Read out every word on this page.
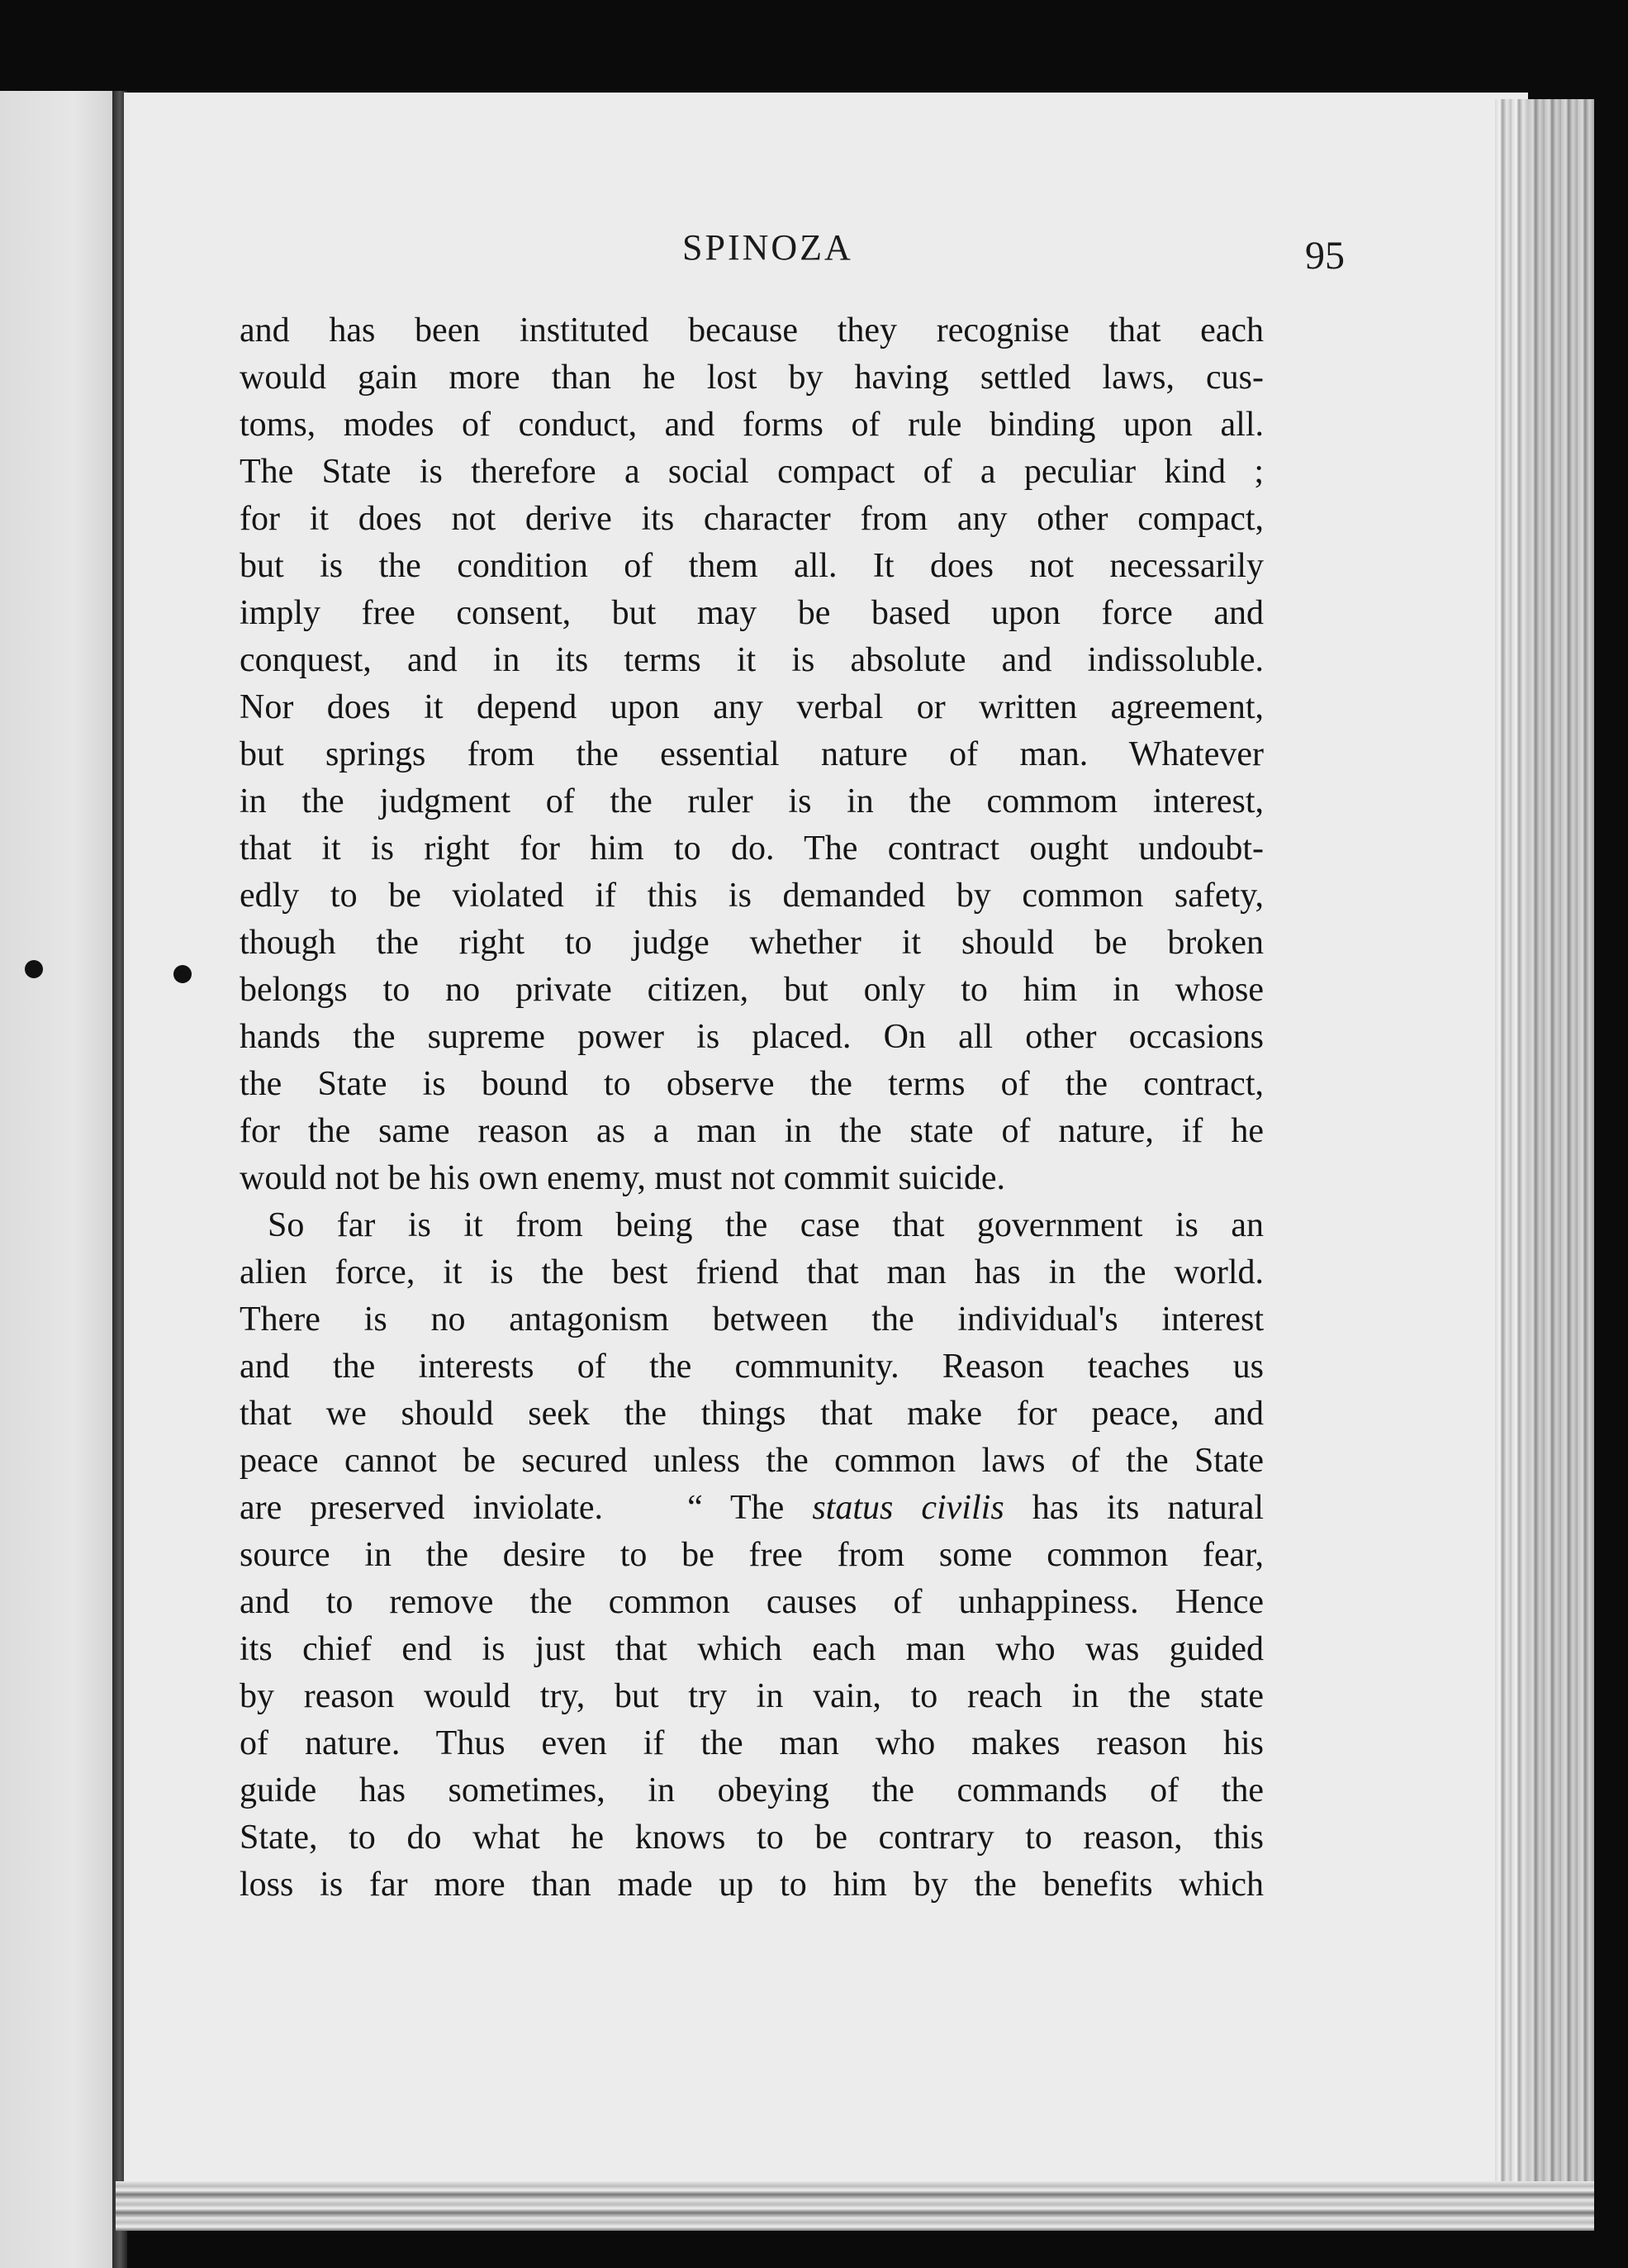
SPINOZA	95
and has been instituted because they recognise that each
would gain more than he lost by having settled laws, cus-
toms, modes of conduct, and forms of rule binding upon all.
The State is therefore a social compact of a peculiar kind ;
for it does not derive its character from any other compact,
but is the condition of them all. It does not necessarily
imply free consent, but may be based upon force and
conquest, and in its terms it is absolute and indissoluble.
Nor does it depend upon any verbal or written agreement,
but springs from the essential nature of man. Whatever
in the judgment of the ruler is in the commom interest,
that it is right for him to do. The contract ought undoubt-
edly to be violated if this is demanded by common safety,
though the right to judge whether it should be broken
belongs to no private citizen, but only to him in whose
hands the supreme power is placed. On all other occasions
the State is bound to observe the terms of the contract,
for the same reason as a man in the state of nature, if he
would not be his own enemy, must not commit suicide.
So far is it from being the case that government is an
alien force, it is the best friend that man has in the world.
There is no antagonism between the individual's interest
and the interests of the community. Reason teaches us
that we should seek the things that make for peace, and
peace cannot be secured unless the common laws of the State
are preserved inviolate. “ The status civilis has its natural
source in the desire to be free from some common fear,
and to remove the common causes of unhappiness. Hence
its chief end is just that which each man who was guided
by reason would try, but try in vain, to reach in the state
of nature. Thus even if the man who makes reason his
guide has sometimes, in obeying the commands of the
State, to do what he knows to be contrary to reason, this
loss is far more than made up to him by the benefits which
